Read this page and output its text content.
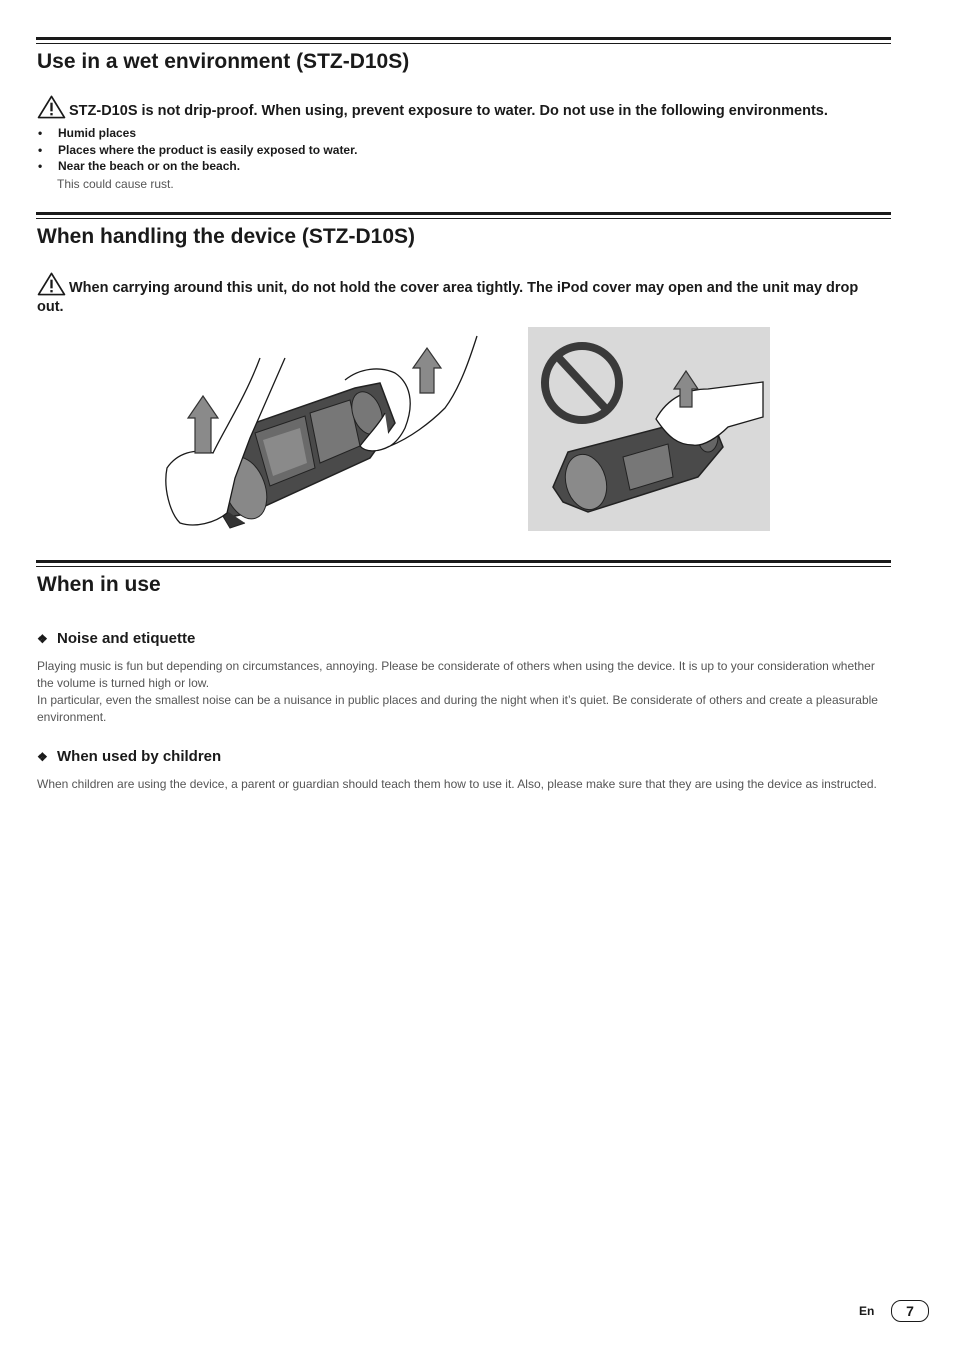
Use in a wet environment (STZ-D10S)
STZ-D10S is not drip-proof. When using, prevent exposure to water. Do not use in the following environments.
• Humid places
• Places where the product is easily exposed to water.
• Near the beach or on the beach.
This could cause rust.
When handling the device (STZ-D10S)
When carrying around this unit, do not hold the cover area tightly. The iPod cover may open and the unit may drop out.
When in use
❖ Noise and etiquette

Playing music is fun but depending on circumstances, annoying. Please be considerate of others when using the device. It is up to your consideration whether the volume is turned high or low.

In particular, even the smallest noise can be a nuisance in public places and during the night when it’s quiet. Be considerate of others and create a pleasurable environment.

❖ When used by children

When children are using the device, a parent or guardian should teach them how to use it. Also, please make sure that they are using the device as instructed.

En	7
